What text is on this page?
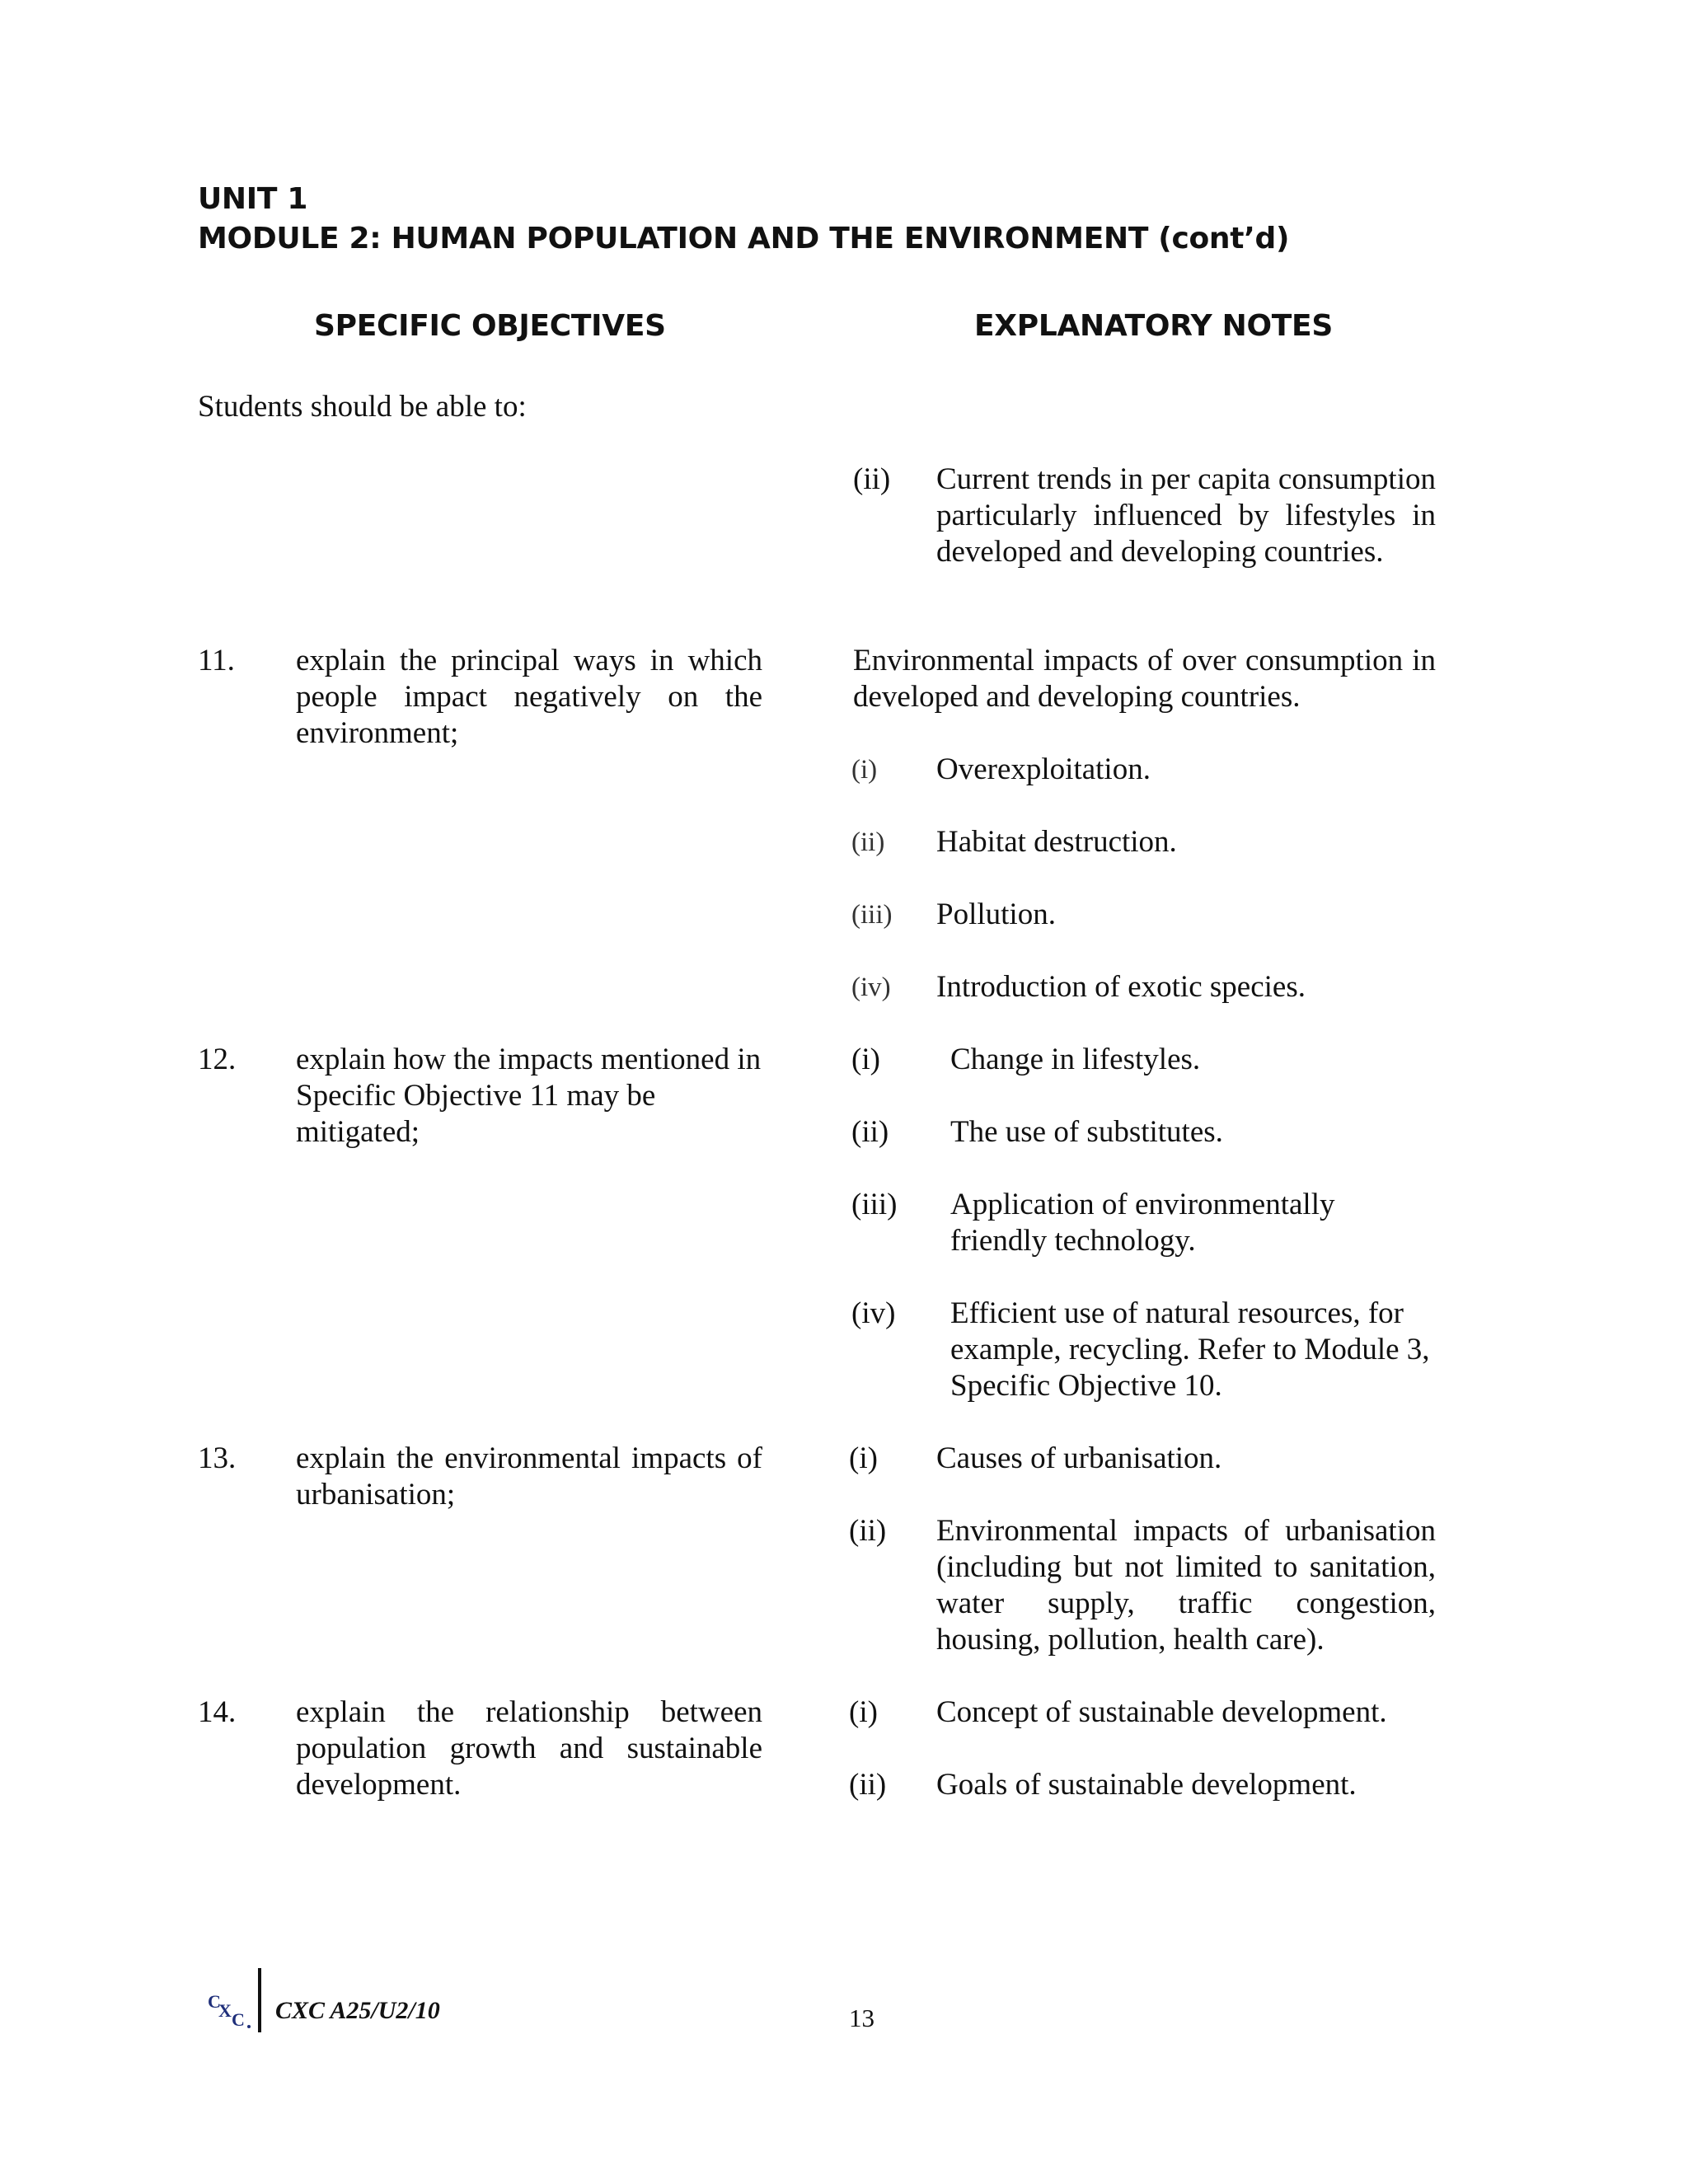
UNIT 1
MODULE 2: HUMAN POPULATION AND THE ENVIRONMENT (cont’d)
SPECIFIC OBJECTIVES	EXPLANATORY NOTES
Students should be able to:
(ii) Current trends in per capita consumption particularly influenced by lifestyles in developed and developing countries.
11. explain the principal ways in which people impact negatively on the environment;
Environmental impacts of over consumption in developed and developing countries.
(i) Overexploitation.
(ii) Habitat destruction.
(iii) Pollution.
(iv) Introduction of exotic species.
12. explain how the impacts mentioned in Specific Objective 11 may be mitigated;
(i) Change in lifestyles.
(ii) The use of substitutes.
(iii) Application of environmentally friendly technology.
(iv) Efficient use of natural resources, for example, recycling. Refer to Module 3, Specific Objective 10.
13. explain the environmental impacts of urbanisation;
(i) Causes of urbanisation.
(ii) Environmental impacts of urbanisation (including but not limited to sanitation, water supply, traffic congestion, housing, pollution, health care).
14. explain the relationship between population growth and sustainable development.
(i) Concept of sustainable development.
(ii) Goals of sustainable development.
C
X C CXC A25/U2/10	13
